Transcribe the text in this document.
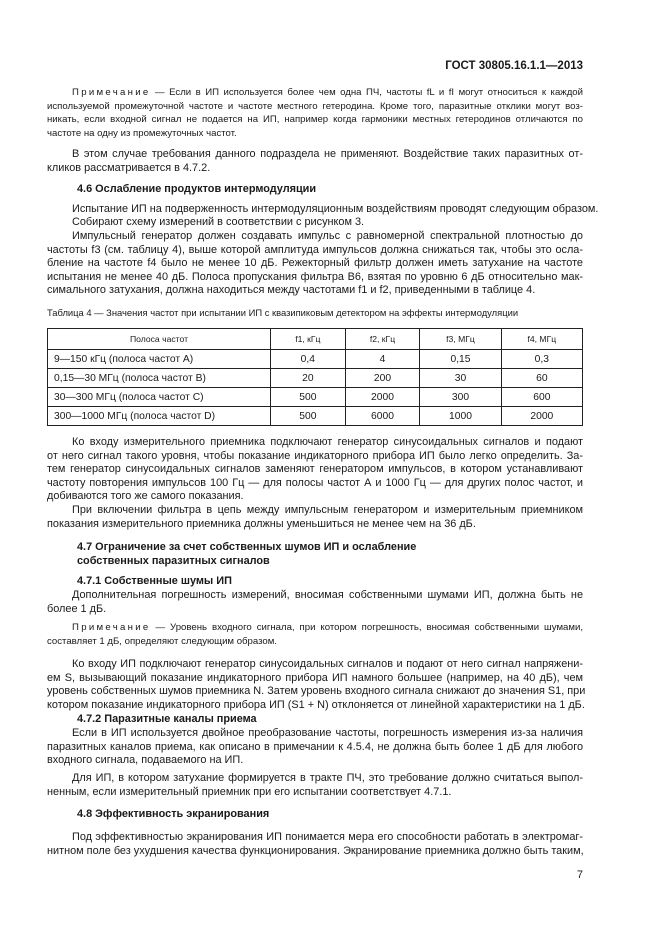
ГОСТ 30805.16.1.1—2013
Примечание — Если в ИП используется более чем одна ПЧ, частоты fL и fI могут относиться к каждой
используемой промежуточной частоте и частоте местного гетеродина. Кроме того, паразитные отклики могут воз-
никать, если входной сигнал не подается на ИП, например когда гармоники местных гетеродинов отличаются по
частоте на одну из промежуточных частот.
В этом случае требования данного подраздела не применяют. Воздействие таких паразитных от-
кликов рассматривается в 4.7.2.
4.6 Ослабление продуктов интермодуляции
Испытание ИП на подверженность интермодуляционным воздействиям проводят следующим образом.
Собирают схему измерений в соответствии с рисунком 3.
Импульсный генератор должен создавать импульс с равномерной спектральной плотностью до
частоты f3 (см. таблицу 4), выше которой амплитуда импульсов должна снижаться так, чтобы это осла-
бление на частоте f4 было не менее 10 дБ. Режекторный фильтр должен иметь затухание на частоте
испытания не менее 40 дБ. Полоса пропускания фильтра B6, взятая по уровню 6 дБ относительно мак-
симального затухания, должна находиться между частотами f1 и f2, приведенными в таблице 4.
Таблица 4 — Значения частот при испытании ИП с квазипиковым детектором на эффекты интермодуляции
Ко входу измерительного приемника подключают генератор синусоидальных сигналов и подают
от него сигнал такого уровня, чтобы показание индикаторного прибора ИП было легко определить. За-
тем генератор синусоидальных сигналов заменяют генератором импульсов, в котором устанавливают
частоту повторения импульсов 100 Гц — для полосы частот А и 1000 Гц — для других полос частот, и
добиваются того же самого показания.
При включении фильтра в цепь между импульсным генератором и измерительным приемником
показания измерительного приемника должны уменьшиться не менее чем на 36 дБ.
4.7 Ограничение за счет собственных шумов ИП и ослабление
собственных паразитных сигналов
4.7.1 Собственные шумы ИП
Дополнительная погрешность измерений, вносимая собственными шумами ИП, должна быть не
более 1 дБ.
Примечание — Уровень входного сигнала, при котором погрешность, вносимая собственными шумами,
составляет 1 дБ, определяют следующим образом.
Ко входу ИП подключают генератор синусоидальных сигналов и подают от него сигнал напряжени-
ем S, вызывающий показание индикаторного прибора ИП намного большее (например, на 40 дБ), чем
уровень собственных шумов приемника N. Затем уровень входного сигнала снижают до значения S1, при
котором показание индикаторного прибора ИП (S1 + N) отклоняется от линейной характеристики на 1 дБ.
4.7.2 Паразитные каналы приема
Если в ИП используется двойное преобразование частоты, погрешность измерения из-за наличия
паразитных каналов приема, как описано в примечании к 4.5.4, не должна быть более 1 дБ для любого
входного сигнала, подаваемого на ИП.
Для ИП, в котором затухание формируется в тракте ПЧ, это требование должно считаться выпол-
ненным, если измерительный приемник при его испытании соответствует 4.7.1.
4.8 Эффективность экранирования
Под эффективностью экранирования ИП понимается мера его способности работать в электромаг-
нитном поле без ухудшения качества функционирования. Экранирование приемника должно быть таким,
Полоса частот	f1, кГц	f2, кГц	f3, МГц	f4, МГц
9—150 кГц (полоса частот А)	0,4	4	0,15	0,3
0,15—30 МГц (полоса частот В)	20	200	30	60
30—300 МГц (полоса частот С)	500	2000	300	600
300—1000 МГц (полоса частот D)	500	6000	1000	2000
7
